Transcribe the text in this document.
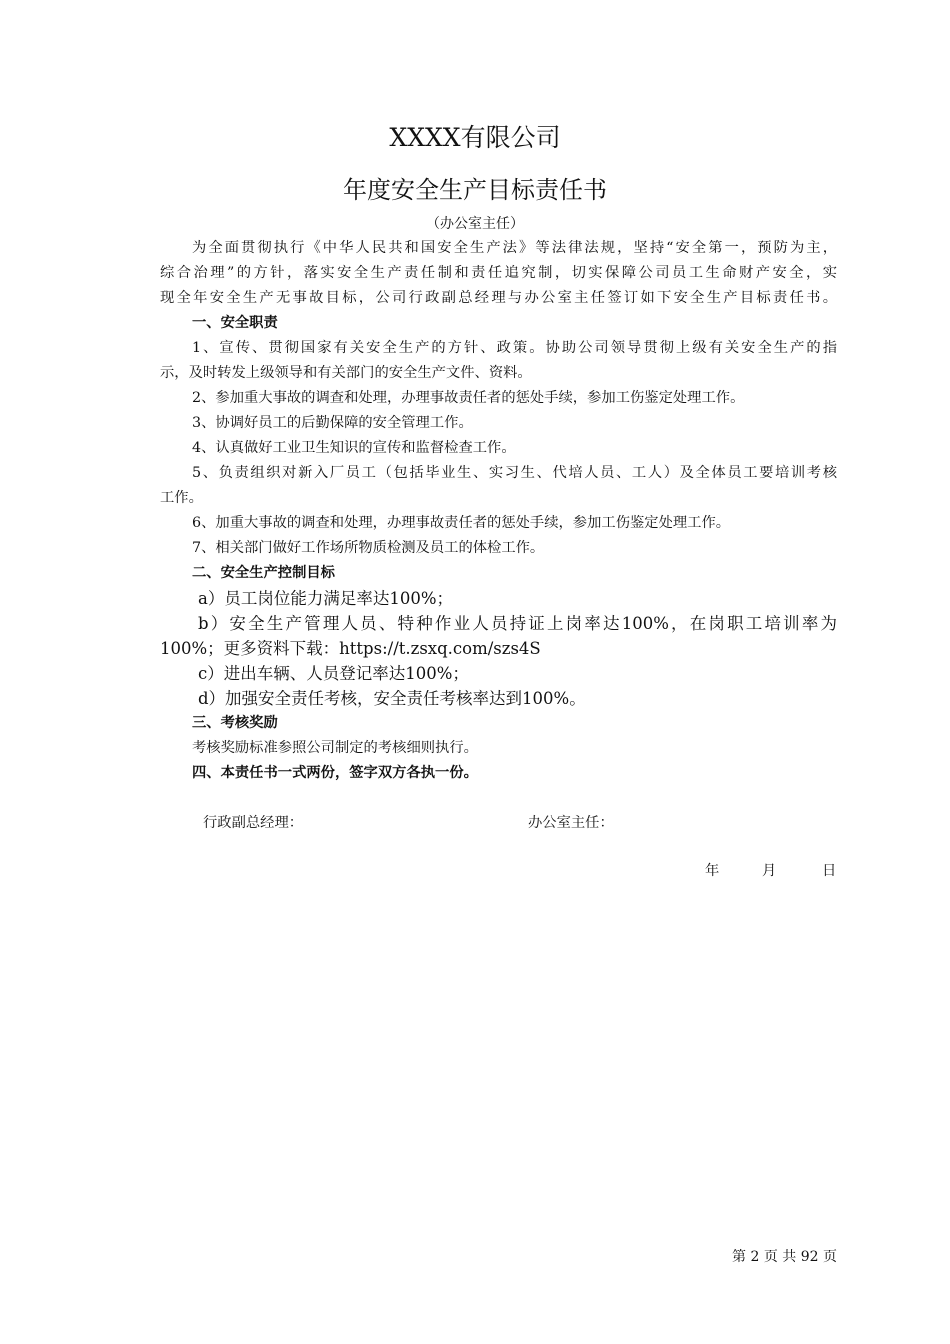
XXXX有限公司
年度安全生产目标责任书
（办公室主任）
为全面贯彻执行《中华人民共和国安全生产法》等法律法规，坚持“安全第一，预防为主，
综合治理”的方针，落实安全生产责任制和责任追究制，切实保障公司员工生命财产安全，实
现全年安全生产无事故目标，公司行政副总经理与办公室主任签订如下安全生产目标责任书。
一、安全职责
1、宣传、贯彻国家有关安全生产的方针、政策。协助公司领导贯彻上级有关安全生产的指
示，及时转发上级领导和有关部门的安全生产文件、资料。
2、参加重大事故的调查和处理，办理事故责任者的惩处手续，参加工伤鉴定处理工作。
3、协调好员工的后勤保障的安全管理工作。
4、认真做好工业卫生知识的宣传和监督检查工作。
5、负责组织对新入厂员工（包括毕业生、实习生、代培人员、工人）及全体员工要培训考核
工作。
6、加重大事故的调查和处理，办理事故责任者的惩处手续，参加工伤鉴定处理工作。
7、相关部门做好工作场所物质检测及员工的体检工作。
二、安全生产控制目标
a）员工岗位能力满足率达100%；
b）安全生产管理人员、特种作业人员持证上岗率达100%，在岗职工培训率为
100%；更多资料下载：https://t.zsxq.com/szs4S
c）进出车辆、人员登记率达100%；
d）加强安全责任考核，安全责任考核率达到100%。
三、考核奖励
考核奖励标准参照公司制定的考核细则执行。
四、本责任书一式两份，签字双方各执一份。
行政副总经理：	办公室主任：
年	月	日
第 2 页 共 92 页
